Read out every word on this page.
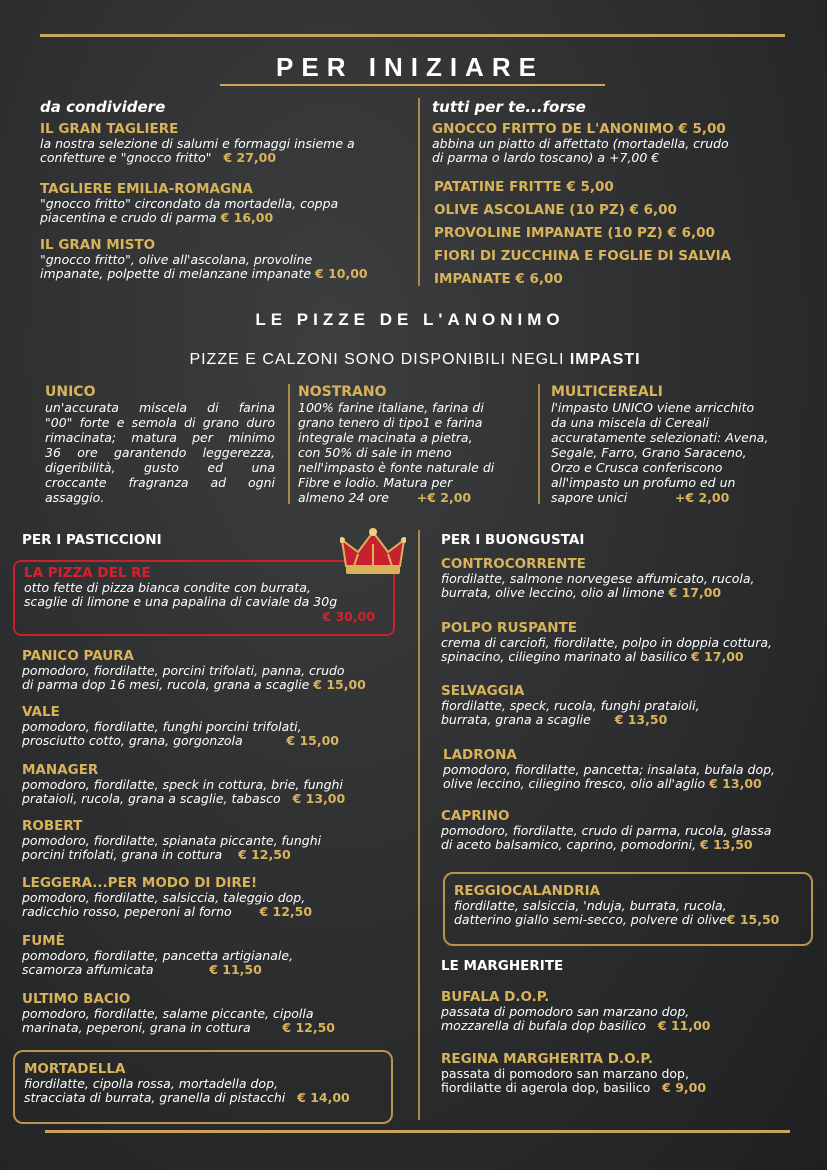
PER INIZIARE
da condividere
IL GRAN TAGLIERE
la nostra selezione di salumi e formaggi insieme a
confetture e "gnocco fritto" € 27,00
TAGLIERE EMILIA-ROMAGNA
"gnocco fritto" circondato da mortadella, coppa
piacentina e crudo di parma € 16,00
IL GRAN MISTO
"gnocco fritto", olive all'ascolana, provoline
impanate, polpette di melanzane impanate € 10,00
tutti per te...forse
GNOCCO FRITTO DE L'ANONIMO € 5,00
abbina un piatto di affettato (mortadella, crudo
di parma o lardo toscano) a +7,00 €
PATATINE FRITTE € 5,00
OLIVE ASCOLANE (10 PZ) € 6,00
PROVOLINE IMPANATE (10 PZ) € 6,00
FIORI DI ZUCCHINA E FOGLIE DI SALVIA
IMPANATE € 6,00
LE PIZZE DE L'ANONIMO
PIZZE E CALZONI SONO DISPONIBILI NEGLI IMPASTI
UNICO
un'accurata miscela di farina
"00" forte e semola di grano duro
rimacinata; matura per minimo
36 ore garantendo leggerezza,
digeribilità, gusto ed una
croccante fragranza ad ogni
assaggio.
NOSTRANO
100% farine italiane, farina di
grano tenero di tipo1 e farina
integrale macinata a pietra,
con 50% di sale in meno
nell'impasto è fonte naturale di
Fibre e Iodio. Matura per
almeno 24 ore +€ 2,00
MULTICEREALI
l'impasto UNICO viene arricchito
da una miscela di Cereali
accuratamente selezionati: Avena,
Segale, Farro, Grano Saraceno,
Orzo e Crusca conferiscono
all'impasto un profumo ed un
sapore unici	+€ 2,00
PER I PASTICCIONI
LA PIZZA DEL RE
otto fette di pizza bianca condite con burrata,
scaglie di limone e una papalina di caviale da 30g
€ 30,00
PANICO PAURA
pomodoro, fiordilatte, porcini trifolati, panna, crudo
di parma dop 16 mesi, rucola, grana a scaglie € 15,00
VALE
pomodoro, fiordilatte, funghi porcini trifolati,
prosciutto cotto, grana, gorgonzola	€ 15,00
MANAGER
pomodoro, fiordilatte, speck in cottura, brie, funghi
prataioli, rucola, grana a scaglie, tabasco € 13,00
ROBERT
pomodoro, fiordilatte, spianata piccante, funghi
porcini trifolati, grana in cottura € 12,50
LEGGERA...PER MODO DI DIRE!
pomodoro, fiordilatte, salsiccia, taleggio dop,
radicchio rosso, peperoni al forno € 12,50
FUMÈ
pomodoro, fiordilatte, pancetta artigianale,
scamorza affumicata	€ 11,50
ULTIMO BACIO
pomodoro, fiordilatte, salame piccante, cipolla
marinata, peperoni, grana in cottura	€ 12,50
MORTADELLA
fiordilatte, cipolla rossa, mortadella dop,
stracciata di burrata, granella di pistacchi € 14,00
PER I BUONGUSTAI
CONTROCORRENTE
fiordilatte, salmone norvegese affumicato, rucola,
burrata, olive leccino, olio al limone € 17,00
POLPO RUSPANTE
crema di carciofi, fiordilatte, polpo in doppia cottura,
spinacino, ciliegino marinato al basilico € 17,00
SELVAGGIA
fiordilatte, speck, rucola, funghi prataioli,
burrata, grana a scaglie € 13,50
LADRONA
pomodoro, fiordilatte, pancetta; insalata, bufala dop,
olive leccino, ciliegino fresco, olio all'aglio € 13,00
CAPRINO
pomodoro, fiordilatte, crudo di parma, rucola, glassa
di aceto balsamico, caprino, pomodorini, € 13,50
REGGIOCALANDRIA
fiordilatte, salsiccia, 'nduja, burrata, rucola,
datterino giallo semi-secco, polvere di olive€ 15,50
LE MARGHERITE
BUFALA D.O.P.
passata di pomodoro san marzano dop,
mozzarella di bufala dop basilico € 11,00
REGINA MARGHERITA D.O.P.
passata di pomodoro san marzano dop,
fiordilatte di agerola dop, basilico € 9,00
